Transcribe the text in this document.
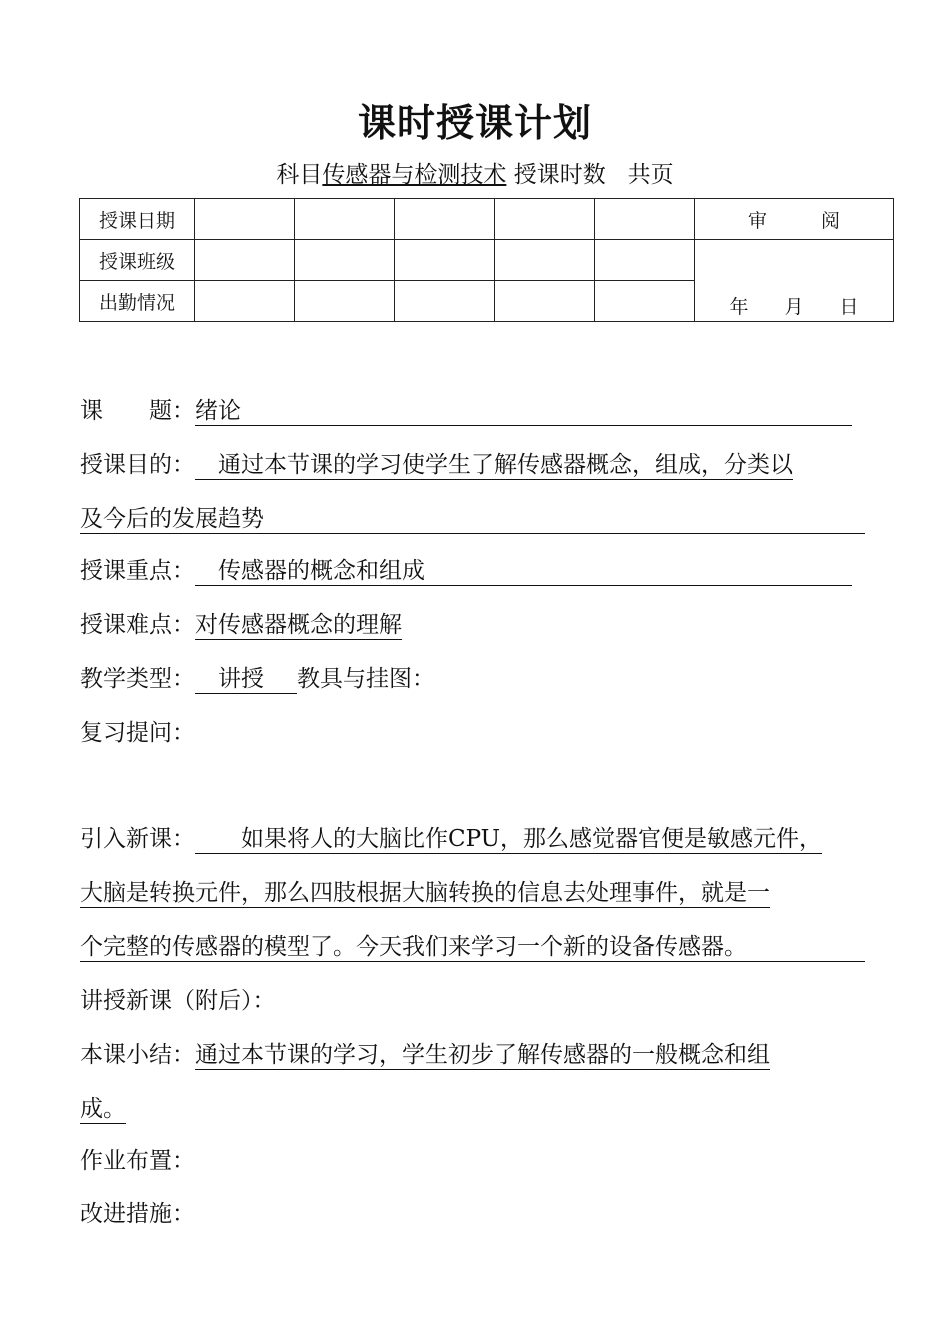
课时授课计划
科目传感器与检测技术 授课时数 共页
授课日期						审 阅
授课班级						年 月 日
出勤情况						
课　　题：绪论
授课目的：　通过本节课的学习使学生了解传感器概念，组成，分类以
及今后的发展趋势
授课重点：　传感器的概念和组成
授课难点：对传感器概念的理解
教学类型：　讲授 教具与挂图：
复习提问：
引入新课：　　如果将人的大脑比作CPU，那么感觉器官便是敏感元件，
大脑是转换元件，那么四肢根据大脑转换的信息去处理事件，就是一
个完整的传感器的模型了。今天我们来学习一个新的设备传感器。
讲授新课（附后）：
本课小结：通过本节课的学习，学生初步了解传感器的一般概念和组
成。
作业布置：
改进措施：
